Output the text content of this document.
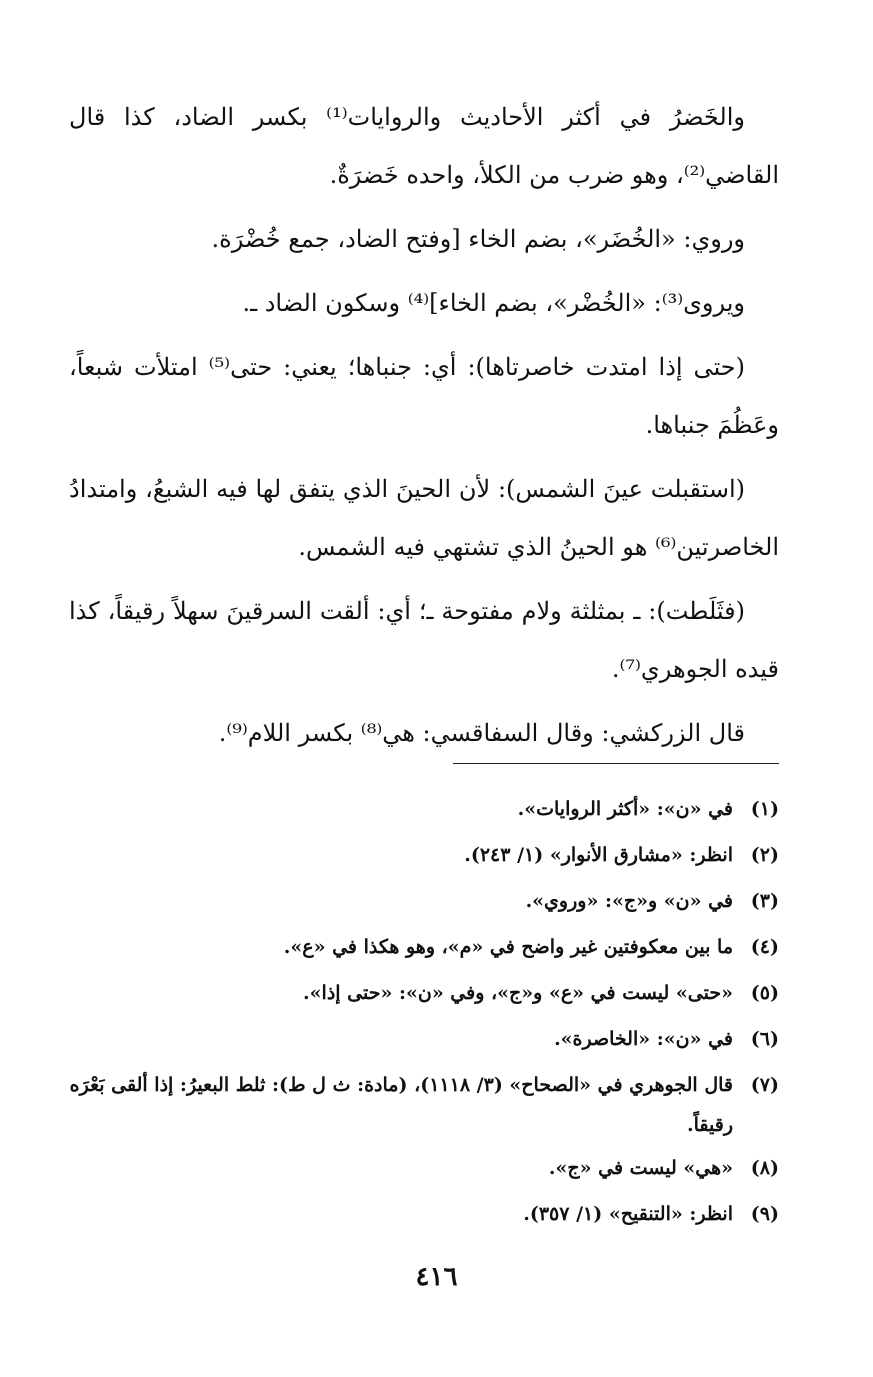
والخَضرُ في أكثر الأحاديث والروايات⁽¹⁾ بكسر الضاد، كذا قال القاضي⁽²⁾، وهو ضرب من الكلأ، واحده خَضرَةٌ.

وروي: «الخُضَر»، بضم الخاء [وفتح الضاد، جمع خُضْرَة.

ويروى⁽³⁾: «الخُضْر»، بضم الخاء]⁽⁴⁾ وسكون الضاد ـ.

(حتى إذا امتدت خاصرتاها): أي: جنباها؛ يعني: حتى⁽⁵⁾ امتلأت شبعاً، وعَظُمَ جنباها.

(استقبلت عينَ الشمس): لأن الحينَ الذي يتفق لها فيه الشبعُ، وامتدادُ الخاصرتين⁽⁶⁾ هو الحينُ الذي تشتهي فيه الشمس.

(فثَلَطت): ـ بمثلثة ولام مفتوحة ـ؛ أي: ألقت السرقينَ سهلاً رقيقاً، كذا قيده الجوهري⁽⁷⁾.

قال الزركشي: وقال السفاقسي: هي⁽⁸⁾ بكسر اللام⁽⁹⁾.

(١)
في «ن»: «أكثر الروايات».
(٢)
انظر: «مشارق الأنوار» (١/ ٢٤٣).
(٣)
في «ن» و«ج»: «وروي».
(٤)
ما بين معكوفتين غير واضح في «م»، وهو هكذا في «ع».
(٥)
«حتى» ليست في «ع» و«ج»، وفي «ن»: «حتى إذا».
(٦)
في «ن»: «الخاصرة».
(٧)
قال الجوهري في «الصحاح» (٣/ ١١١٨)، (مادة: ث ل ط): ثلط البعيرُ: إذا ألقى بَعْرَه رقيقاً.
(٨)
«هي» ليست في «ج».
(٩)
انظر: «التنقيح» (١/ ٣٥٧).
٤١٦
